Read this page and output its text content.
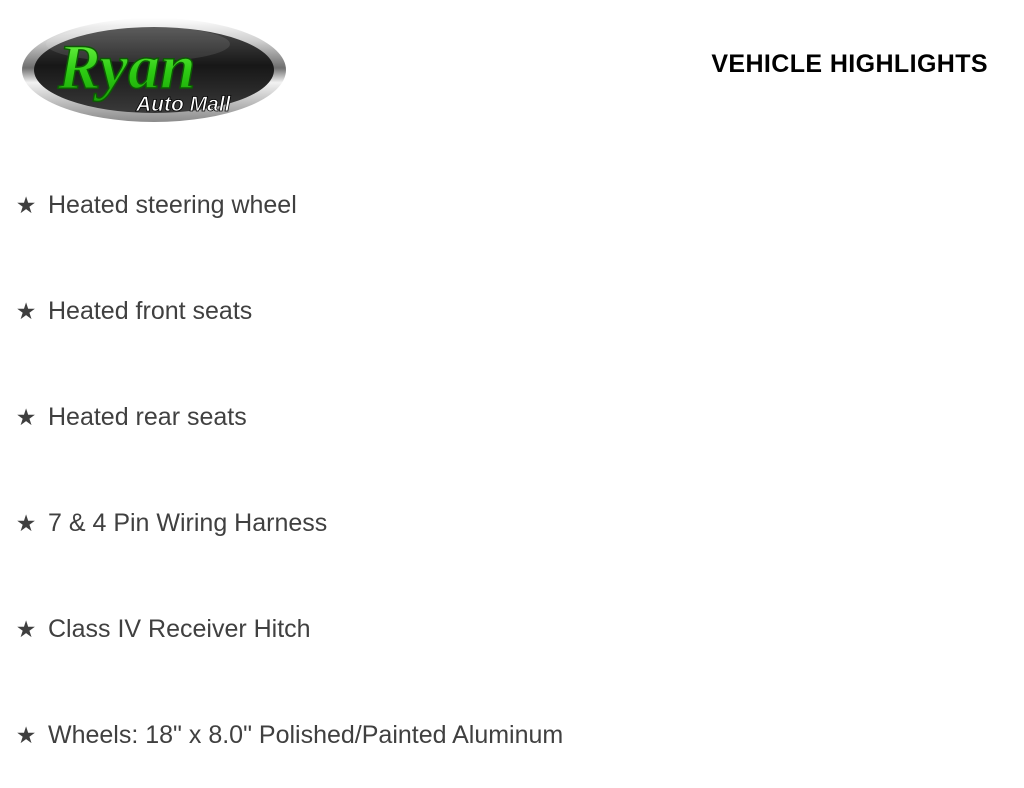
Ryan
Auto Mall
VEHICLE HIGHLIGHTS
★ Heated steering wheel
★ Heated front seats
★ Heated rear seats
★ 7 & 4 Pin Wiring Harness
★ Class IV Receiver Hitch
★ Wheels: 18" x 8.0" Polished/Painted Aluminum
